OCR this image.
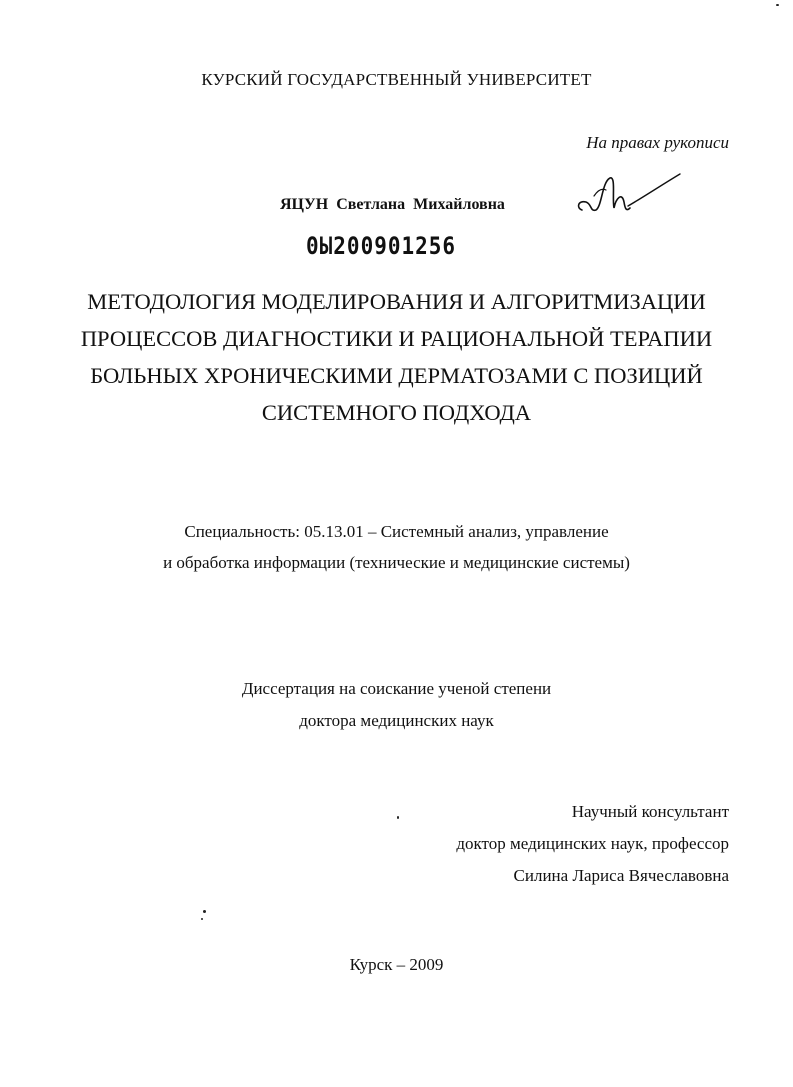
КУРСКИЙ ГОСУДАРСТВЕННЫЙ УНИВЕРСИТЕТ
На правах рукописи
ЯЦУН Светлана Михайловна
0Ы200901256
МЕТОДОЛОГИЯ МОДЕЛИРОВАНИЯ И АЛГОРИТМИЗАЦИИ
ПРОЦЕССОВ ДИАГНОСТИКИ И РАЦИОНАЛЬНОЙ ТЕРАПИИ
БОЛЬНЫХ ХРОНИЧЕСКИМИ ДЕРМАТОЗАМИ С ПОЗИЦИЙ
СИСТЕМНОГО ПОДХОДА
Специальность: 05.13.01 – Системный анализ, управление
и обработка информации (технические и медицинские системы)
Диссертация на соискание ученой степени
доктора медицинских наук
Научный консультант
доктор медицинских наук, профессор
Силина Лариса Вячеславовна
Курск – 2009
